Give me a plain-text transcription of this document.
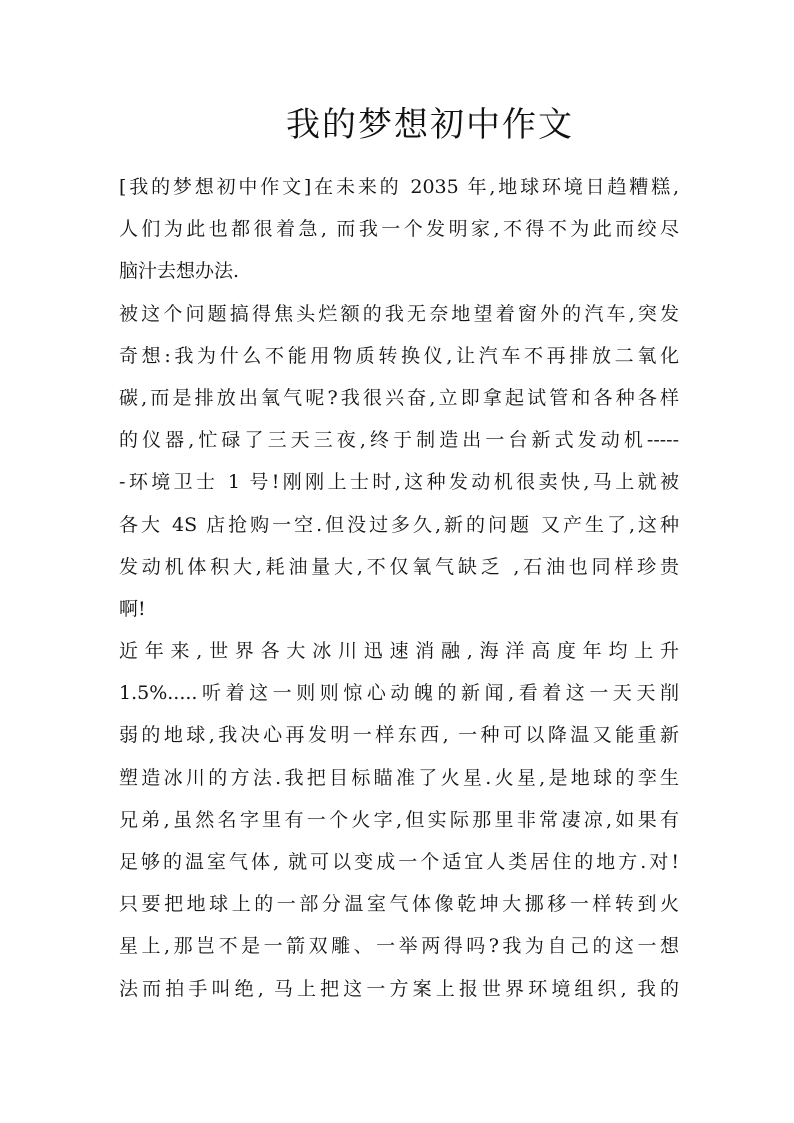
我的梦想初中作文
[我的梦想初中作文]在未来的 2035 年,地球环境日趋糟糕,
人们为此也都很着急, 而我一个发明家,不得不为此而绞尽
脑汁去想办法.
被这个问题搞得焦头烂额的我无奈地望着窗外的汽车,突发
奇想:我为什么不能用物质转换仪,让汽车不再排放二氧化
碳,而是排放出氧气呢?我很兴奋,立即拿起试管和各种各样
的仪器,忙碌了三天三夜,终于制造出一台新式发动机-----
-环境卫士 1 号!刚刚上士时,这种发动机很卖快,马上就被
各大 4S 店抢购一空.但没过多久,新的问题 又产生了,这种
发动机体积大,耗油量大,不仅氧气缺乏 ,石油也同样珍贵
啊!
近年来,世界各大冰川迅速消融,海洋高度年均上升
1.5%.....听着这一则则惊心动魄的新闻,看着这一天天削
弱的地球,我决心再发明一样东西, 一种可以降温又能重新
塑造冰川的方法.我把目标瞄准了火星.火星,是地球的孪生
兄弟,虽然名字里有一个火字,但实际那里非常凄凉,如果有
足够的温室气体, 就可以变成一个适宜人类居住的地方.对!
只要把地球上的一部分温室气体像乾坤大挪移一样转到火
星上,那岂不是一箭双雕、一举两得吗?我为自己的这一想
法而拍手叫绝, 马上把这一方案上报世界环境组织, 我的
